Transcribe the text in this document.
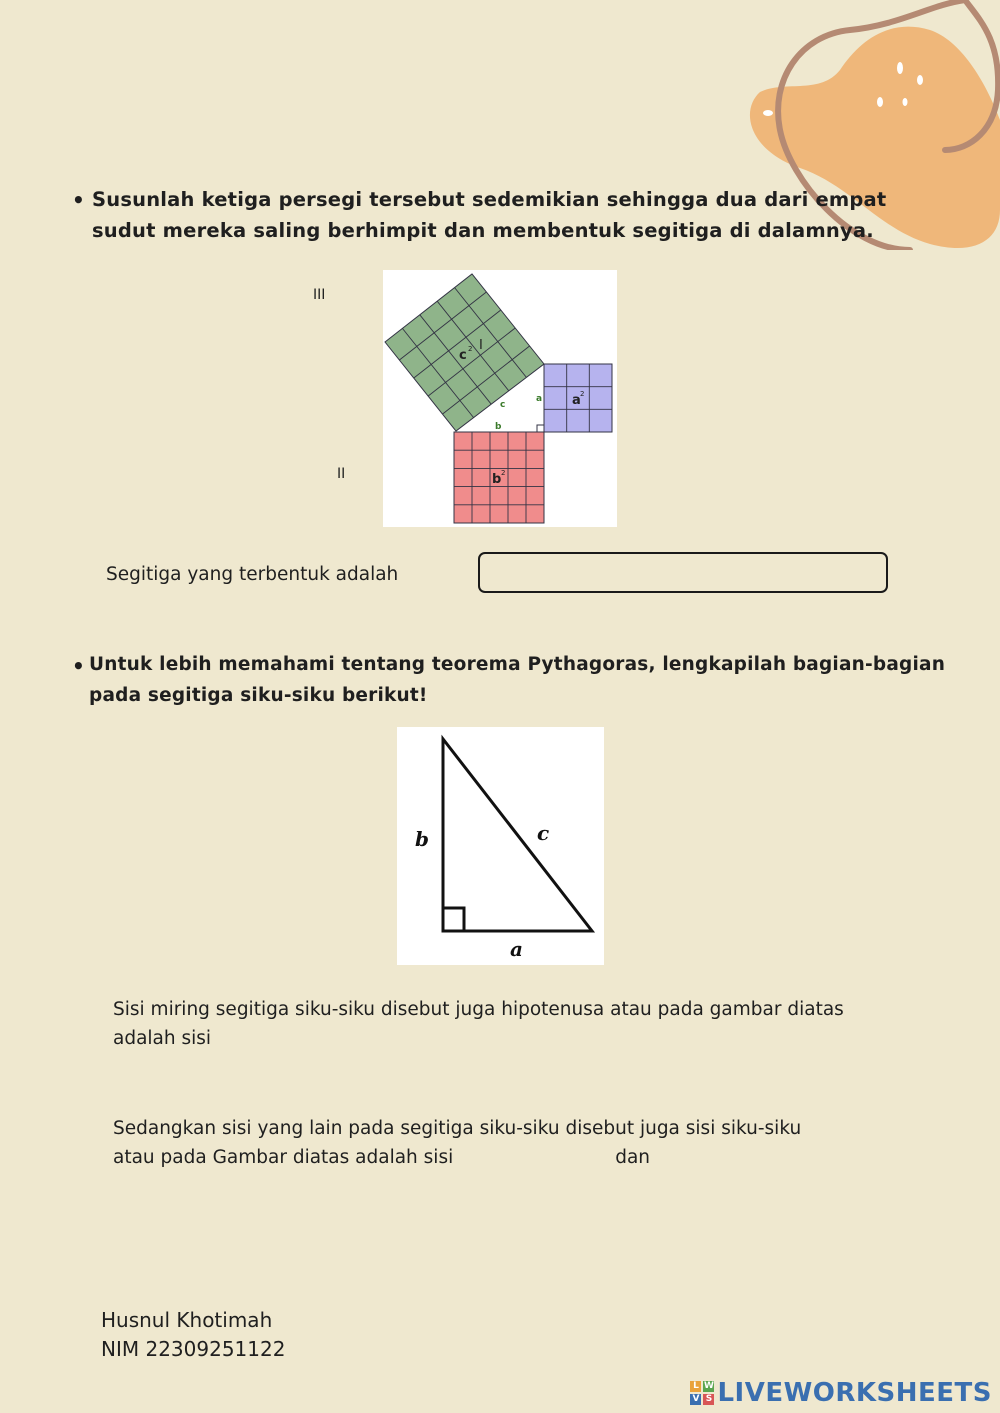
• Susunlah ketiga persegi tersebut sedemikian sehingga dua dari empat
sudut mereka saling berhimpit dan membentuk segitiga di dalamnya.
III
II
c 2 I
a 2
b 2
c
a
b
Segitiga yang terbentuk adalah
• Untuk lebih memahami tentang teorema Pythagoras, lengkapilah bagian-bagian
pada segitiga siku-siku berikut!
b	c
a
Sisi miring segitiga siku-siku disebut juga hipotenusa atau pada gambar diatas
adalah sisi
Sedangkan sisi yang lain pada segitiga siku-siku disebut juga sisi siku-siku
atau pada Gambar diatas adalah sisi	dan
Husnul Khotimah
NIM 22309251122
L W
V S LIVEWORKSHEETS
